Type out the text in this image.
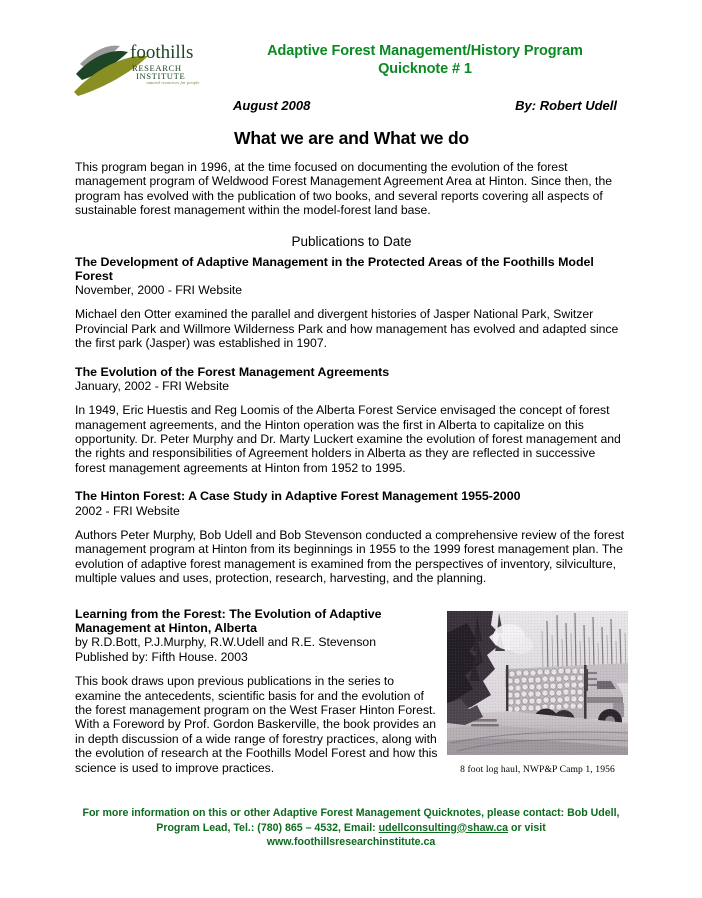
foothills
RESEARCH
INSTITUTE
natural resources for people
Adaptive Forest Management/History Program
Quicknote # 1
August 2008	By: Robert Udell
What we are and What we do

This program began in 1996, at the time focused on documenting the evolution of the forest management program of Weldwood Forest Management Agreement Area at Hinton. Since then, the program has evolved with the publication of two books, and several reports covering all aspects of sustainable forest management within the model-forest land base.

Publications to Date
The Development of Adaptive Management in the Protected Areas of the Foothills Model Forest
November, 2000 - FRI Website

Michael den Otter examined the parallel and divergent histories of Jasper National Park, Switzer Provincial Park and Willmore Wilderness Park and how management has evolved and adapted since the first park (Jasper) was established in 1907.

The Evolution of the Forest Management Agreements
January, 2002 - FRI Website

In 1949, Eric Huestis and Reg Loomis of the Alberta Forest Service envisaged the concept of forest management agreements, and the Hinton operation was the first in Alberta to capitalize on this opportunity. Dr. Peter Murphy and Dr. Marty Luckert examine the evolution of forest management and the rights and responsibilities of Agreement holders in Alberta as they are reflected in successive forest management agreements at Hinton from 1952 to 1995.

The Hinton Forest: A Case Study in Adaptive Forest Management 1955-2000
2002 - FRI Website

Authors Peter Murphy, Bob Udell and Bob Stevenson conducted a comprehensive review of the forest management program at Hinton from its beginnings in 1955 to the 1999 forest management plan. The evolution of adaptive forest management is examined from the perspectives of inventory, silviculture, multiple values and uses, protection, research, harvesting, and the planning.

Learning from the Forest: The Evolution of Adaptive Management at Hinton, Alberta
by R.D.Bott, P.J.Murphy, R.W.Udell and R.E. Stevenson
Published by: Fifth House. 2003

This book draws upon previous publications in the series to examine the antecedents, scientific basis for and the evolution of the forest management program on the West Fraser Hinton Forest. With a Foreword by Prof. Gordon Baskerville, the book provides an in depth discussion of a wide range of forestry practices, along with the evolution of research at the Foothills Model Forest and how this science is used to improve practices.	8 foot log haul, NWP&P Camp 1, 1956
For more information on this or other Adaptive Forest Management Quicknotes, please contact: Bob Udell,
Program Lead, Tel.: (780) 865 – 4532, Email: udellconsulting@shaw.ca or visit
www.foothillsresearchinstitute.ca
